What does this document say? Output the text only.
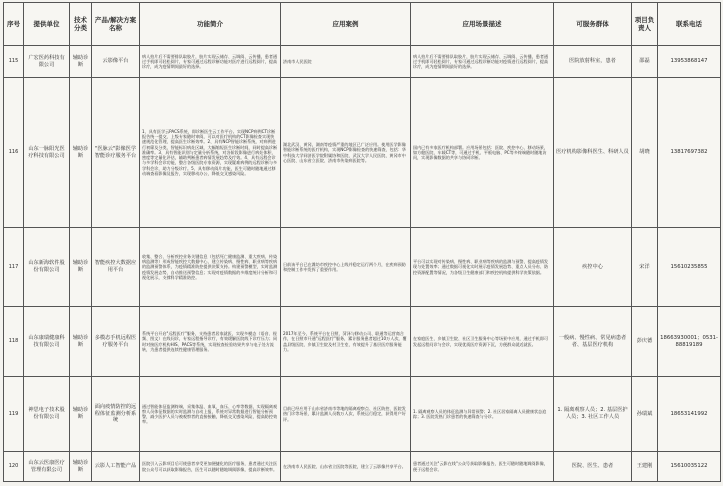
序号	提供单位	技术分类	产品/解决方案名称	功能简介	应用案例	应用场景描述	可服务群体	项目负责人	联系电话
115	广宏医药科技有限公司	辅助诊断	云影像平台	病人拍片后不需要排队取胶片，胶片实现云储存、云调阅、云传播，患者通过手机即可轻松阅片，专家可通过远程诊断功能对医疗进行远程阅片，提高诊疗，成为疫情期间最好的选择。	济南市人民医院	病人拍片后不需要排队取胶片，胶片实现云储存、云调阅、云传播，患者通过手机即可轻松阅片，专家可通过远程诊断功能对疫情进行远程阅片，提高诊疗，成为疫情期间最好的选择。	医院放射科室，患者	邵磊	13953868147
116	山东一脉阳光医疗科技有限公司	辅助诊断	"医脉云"影像医学智能诊疗服务平台	1、具有医学云PACS系统，即诊断医生云工作平台。实现NCP病例CT诊断报告统一提交，上级专家随时审阅，可以对医疗机构的CT影像检查实现快速规范化管理，提高医生诊断效率。2、具有NCP智能诊断系统，对病例进行初筛及分类，智能标识病灶区域，大幅缩短医生诊断时间，同时提高诊断准确率。3、具有智能识别与定量分析系统，对各阶段影像进行病灶体积、密度等定量化评估，辅助判断患者病情发展趋势及疗效。4、具有远程会诊与多学科会诊功能，整合各级医院专家资源，实现疑难病例的远程诊断与多学科会诊，助力分级诊疗。5、具有移动阅片功能，医生可随时随地通过移动端查看影像及报告，实现移动办公，降低交叉感染风险。	湖北武汉、黄冈，湖南等疫情严重的地区已广泛应用。使用医学影像智能诊断系统的医疗机构，实现NCP影像检查的快速筛查，包括：华中科技大学同济医学院附属协和医院、武汉大学人民医院、黄冈市中心医院、山东省立医院、济南市传染病医院等。	国内已有多家医疗机构部署。应用场景包括：医院、疾控中心、移动场景，如方舱医院、车载CT等，可通过手机、平板电脑、PC等多终端随时随地访问，实现影像数据的共享与协同诊断。	医疗机构影像科医生、科研人员	胡晓	13817697382
117	山东新海软件股份有限公司	辅助诊断	智能疾控大数据应用平台	收集、整合、分析疾控业务关键信息（包括死亡健康监测、重大疾病、传染病监测等）形成智能疾控大数据中心，建立传染病、慢性病、职业病等疾病的监测预警体系，为疫情精准防控提供决策支持。构建预警模型，实时监测疫情发展态势，自动推送预警信息；实现对疫情数据的多维度统计分析和可视化展示，支撑科学精准防控。	日前该平台已在潍坊市疾控中心上线并稳定运行两个月，在疾病预防和控制工作中发挥了重要作用。	平台可以实现对传染病、慢性病、职业病等疾病的监测与预警，提高疫情发现与处置效率；通过数据可视化实时展示疫情发展趋势、重点人员分布、防控资源配置等情况，为各级卫生健康部门和疾控机构提供科学决策依据。	疾控中心	宋洋	15610235855
118	山东康瑞健康科技有限公司	辅助诊断	多模态手机远程医疗服务平台	系统平台开启"远程医疗"服务，支持患者居家就医，实现多模态（语音、视频、图文）在线问诊，专家远程指导诊疗，有效缓解医院线下诊疗压力；同时对接医疗机构HIS、PACS等系统，实现检查检验结果共享与电子处方流转，为患者提供连续性健康管理服务。	2017年至今，系统平台在日照、菏泽与移动公司、联通等运营商合作，在日照市开通"远程医疗"服务，累计服务患者超过10万人次，覆盖县级医院、乡镇卫生院及村卫生室，有效提升了基层医疗服务能力。	在家庭医生、乡镇卫生院、社区卫生服务中心等场景中应用，通过手机即可发起远程问诊与会诊，实现优质医疗资源下沉，方便群众就近就医。	一般病、慢性病、常见病患者者、基层医疗机构	彭庆德	18663930001；0531-88819189
119	神思电子技术股份有限公司	辅助诊断	面向疫情防控的远程体征监测分析系统	通过智能体征监测终端，采集体温、血氧、血压、心率等数据，实现隔离观察人员体征数据的实时监测与自动上报，系统对异常数据进行智能分析预警，减少医护人员与被观察者的直接接触，降低交叉感染风险，提高防控效率。	目前已经应用于山东省济南市等地的隔离观察点、社区防控、医院发热门诊等场景，累计监测人员数万人次，系统运行稳定，获得用户好评。	1. 隔离观察人员的体征监测与异常预警；2. 社区居家隔离人员健康状态追踪；3. 医院发热门诊患者的快速筛查与分诊。	1. 隔离观察人员；2. 基层医护人员；3. 社区工作人员	孙瑞斌	18653141992
120	山东云医康医疗管理有限公司	辅助诊断	云影人工智能产品	医院引入云影项目后可使患者享受更加便捷化的医疗服务，患者通过关注医院公众号可以获取影像报告，医生可以随时随地调阅影像，提高诊断效率。	在济南市人民医院、山东省立医院等医院，建立了云影像共享平台。	患者通过关注"云影在线"公众号获取影像报告，医生可随时随地调阅影像，便于远程会诊。	医院、医生、患者	王建刚	15610035122
